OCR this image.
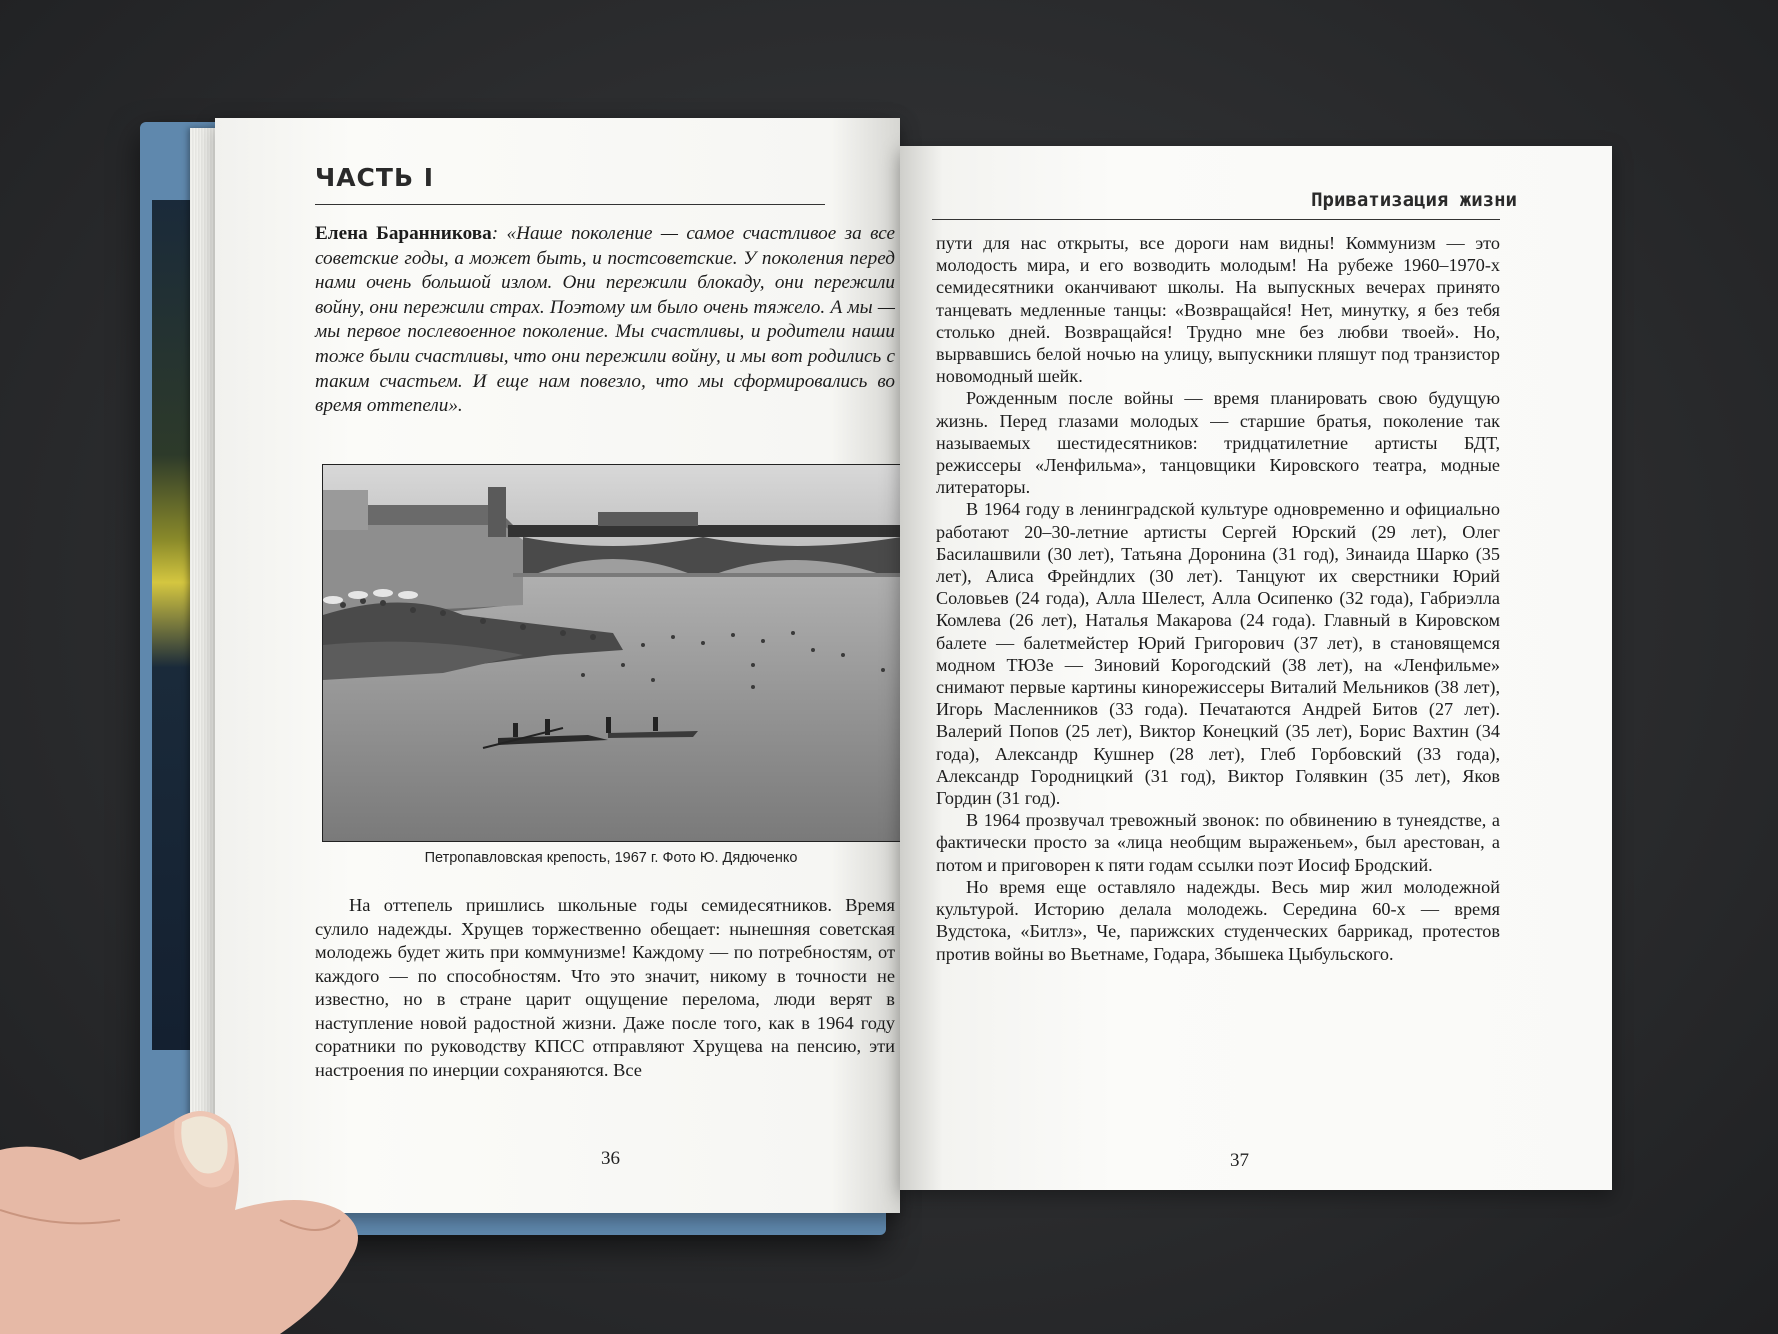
ЧАСТЬ I
Елена Баранникова: «Наше поколение — самое счастливое за все советские годы, а может быть, и постсоветские. У поколения перед нами очень большой излом. Они пережили блокаду, они пережили войну, они пережили страх. Поэтому им было очень тяжело. А мы — мы первое послевоенное поколение. Мы счастливы, и родители наши тоже были счастливы, что они пережили войну, и мы вот родились с таким счастьем. И еще нам повезло, что мы сформировались во время оттепели».
Петропавловская крепость, 1967 г. Фото Ю. Дядюченко
На оттепель пришлись школьные годы семидесятников. Время сулило надежды. Хрущев торжественно обещает: нынешняя советская молодежь будет жить при коммунизме! Каждому — по потребностям, от каждого — по способностям. Что это значит, никому в точности не известно, но в стране царит ощущение перелома, люди верят в наступление новой радостной жизни. Даже после того, как в 1964 году соратники по руководству КПСС отправляют Хрущева на пенсию, эти настроения по инерции сохраняются. Все
36
Приватизация жизни

пути для нас открыты, все дороги нам видны! Коммунизм — это молодость мира, и его возводить молодым! На рубеже 1960–1970-х семидесятники оканчивают школы. На выпускных вечерах принято танцевать медленные танцы: «Возвращайся! Нет, минутку, я без тебя столько дней. Возвращайся! Трудно мне без любви твоей». Но, вырвавшись белой ночью на улицу, выпускники пляшут под транзистор новомодный шейк.

Рожденным после войны — время планировать свою будущую жизнь. Перед глазами молодых — старшие братья, поколение так называемых шестидесятников: тридцатилетние артисты БДТ, режиссеры «Ленфильма», танцовщики Кировского театра, модные литераторы.

В 1964 году в ленинградской культуре одновременно и официально работают 20–30-летние артисты Сергей Юрский (29 лет), Олег Басилашвили (30 лет), Татьяна Доронина (31 год), Зинаида Шарко (35 лет), Алиса Фрейндлих (30 лет). Танцуют их сверстники Юрий Соловьев (24 года), Алла Шелест, Алла Осипенко (32 года), Габриэлла Комлева (26 лет), Наталья Макарова (24 года). Главный в Кировском балете — балетмейстер Юрий Григорович (37 лет), в становящемся модном ТЮЗе — Зиновий Корогодский (38 лет), на «Ленфильме» снимают первые картины кинорежиссеры Виталий Мельников (38 лет), Игорь Масленников (33 года). Печатаются Андрей Битов (27 лет). Валерий Попов (25 лет), Виктор Конецкий (35 лет), Борис Вахтин (34 года), Александр Кушнер (28 лет), Глеб Горбовский (33 года), Александр Городницкий (31 год), Виктор Голявкин (35 лет), Яков Гордин (31 год).

В 1964 прозвучал тревожный звонок: по обвинению в тунеядстве, а фактически просто за «лица необщим выраженьем», был арестован, а потом и приговорен к пяти годам ссылки поэт Иосиф Бродский.

Но время еще оставляло надежды. Весь мир жил молодежной культурой. Историю делала молодежь. Середина 60-х — время Вудстока, «Битлз», Че, парижских студенческих баррикад, протестов против войны во Вьетнаме, Годара, Збышека Цыбульского.

37
